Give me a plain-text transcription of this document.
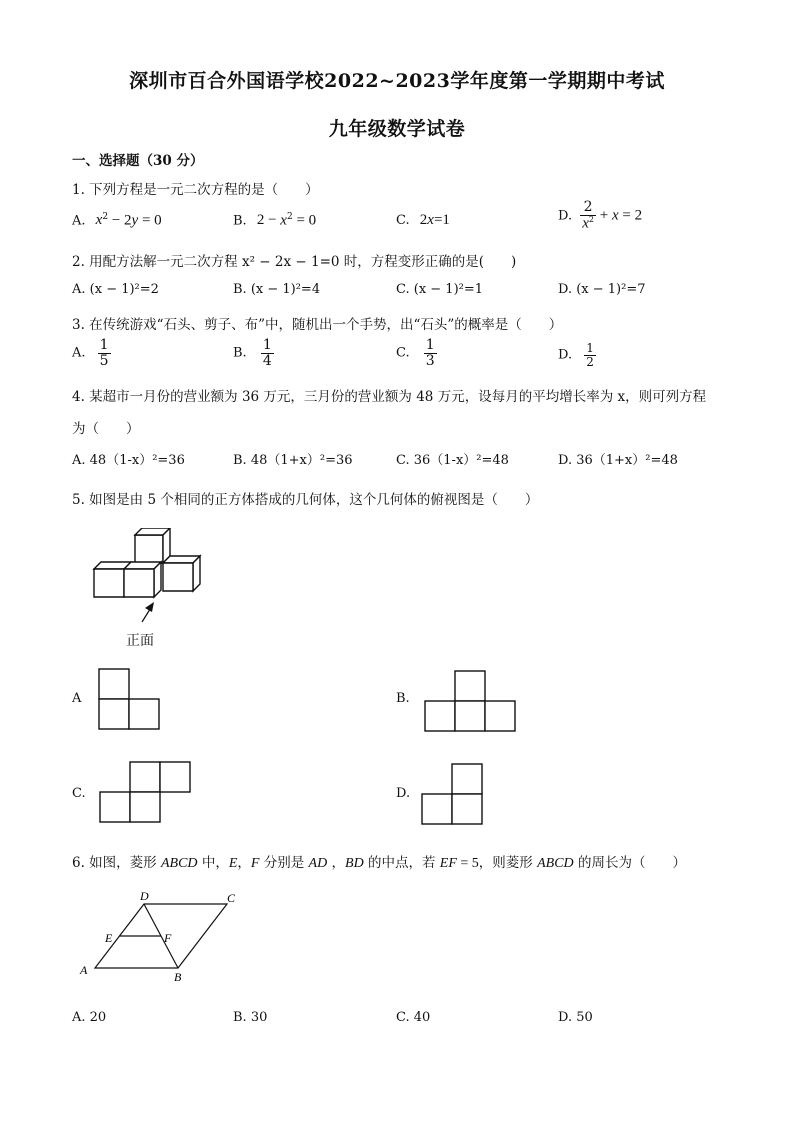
深圳市百合外国语学校2022~2023学年度第一学期期中考试
九年级数学试卷
一、选择题（30 分）
1. 下列方程是一元二次方程的是（　　）
A. $x^2 - 2y = 0$	B. $2 - x^2 = 0$	C. 2x=1	D. $\frac{2}{x^2} + x = 2$
2. 用配方法解一元二次方程 x² − 2x − 1=0 时，方程变形正确的是(　　)
A. (x − 1)²=2	B. (x − 1)²=4	C. (x − 1)²=1	D. (x − 1)²=7
3. 在传统游戏“石头、剪子、布”中，随机出一个手势，出“石头”的概率是（　　）
A. $\frac{1}{5}$	B. $\frac{1}{4}$	C. $\frac{1}{3}$	D. $\frac{1}{2}$
4. 某超市一月份的营业额为 36 万元，三月份的营业额为 48 万元，设每月的平均增长率为 x，则可列方程
为（　　）
A. 48（1-x）²=36	B. 48（1+x）²=36	C. 36（1-x）²=48	D. 36（1+x）²=48
5. 如图是由 5 个相同的正方体搭成的几何体，这个几何体的俯视图是（　　）
正面
A	B.
C.	D.
6. 如图，菱形 ABCD 中，E，F 分别是 AD ，BD 的中点，若 EF = 5，则菱形 ABCD 的周长为（　　）
A	B
C
D
E	F
A. 20	B. 30	C. 40	D. 50
